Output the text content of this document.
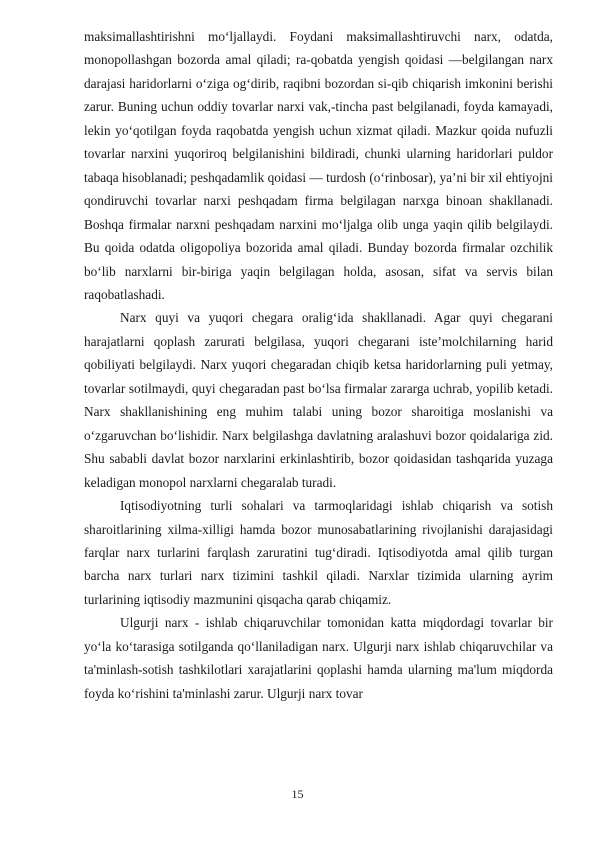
maksimallashtirishni mo‘ljallaydi. Foydani maksimallashtiruvchi narx, odatda, monopollashgan bozorda amal qiladi; ra-qobatda yengish qoidasi —belgilangan narx darajasi haridorlarni o‘ziga og‘dirib, raqibni bozordan si-qib chiqarish imkonini berishi zarur. Buning uchun oddiy tovarlar narxi vak,-tincha past belgilanadi, foyda kamayadi, lekin yo‘qotilgan foyda raqobatda yengish uchun xizmat qiladi. Mazkur qoida nufuzli tovarlar narxini yuqoriroq belgilanishini bildiradi, chunki ularning haridorlari puldor tabaqa hisoblanadi; peshqadamlik qoidasi — turdosh (o‘rinbosar), ya’ni bir xil ehtiyojni qondiruvchi tovarlar narxi peshqadam firma belgilagan narxga binoan shakllanadi. Boshqa firmalar narxni peshqadam narxini mo‘ljalga olib unga yaqin qilib belgilaydi. Bu qoida odatda oligopoliya bozorida amal qiladi. Bunday bozorda firmalar ozchilik bo‘lib narxlarni bir-biriga yaqin belgilagan holda, asosan, sifat va servis bilan raqobatlashadi.

Narx quyi va yuqori chegara oralig‘ida shakllanadi. Agar quyi chegarani harajatlarni qoplash zarurati belgilasa, yuqori chegarani iste’molchilarning harid qobiliyati belgilaydi. Narx yuqori chegaradan chiqib ketsa haridorlarning puli yetmay, tovarlar sotilmaydi, quyi chegaradan past bo‘lsa firmalar zararga uchrab, yopilib ketadi. Narx shakllanishining eng muhim talabi uning bozor sharoitiga moslanishi va o‘zgaruvchan bo‘lishidir. Narx belgilashga davlatning aralashuvi bozor qoidalariga zid. Shu sababli davlat bozor narxlarini erkinlashtirib, bozor qoidasidan tashqarida yuzaga keladigan monopol narxlarni chegaralab turadi.

Iqtisodiyotning turli sohalari va tarmoqlaridagi ishlab chiqarish va sotish sharoitlarining xilma-xilligi hamda bozor munosabatlarining rivojlanishi darajasidagi farqlar narx turlarini farqlash zaruratini tug‘diradi. Iqtisodiyotda amal qilib turgan barcha narx turlari narx tizimini tashkil qiladi. Narxlar tizimida ularning ayrim turlarining iqtisodiy mazmunini qisqacha qarab chiqamiz.

Ulgurji narx - ishlab chiqaruvchilar tomonidan katta miqdordagi tovarlar bir yo‘la ko‘tarasiga sotilganda qo‘llaniladigan narx. Ulgurji narx ishlab chiqaruvchilar va ta'minlash-sotish tashkilotlari xarajatlarini qoplashi hamda ularning ma'lum miqdorda foyda ko‘rishini ta'minlashi zarur. Ulgurji narx tovar

15
